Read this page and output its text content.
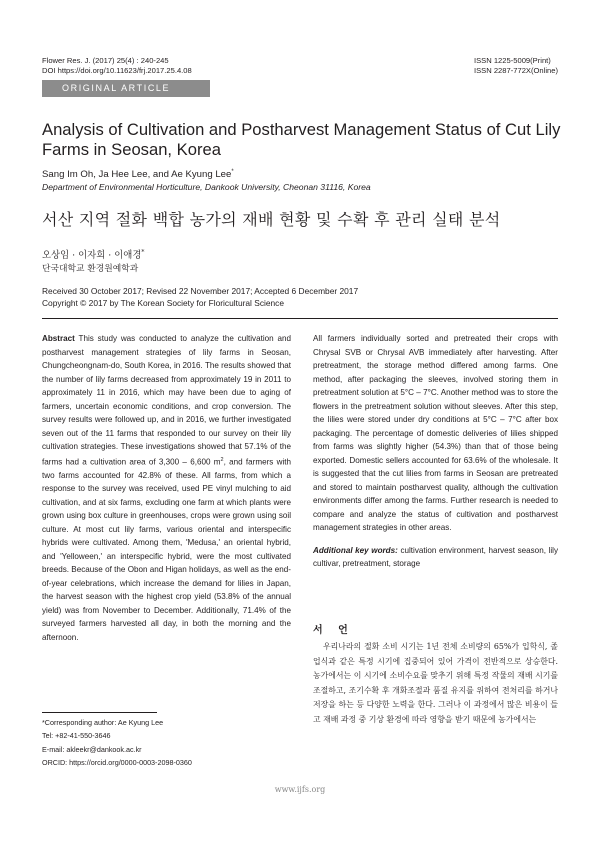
Flower Res. J. (2017) 25(4) : 240-245
DOI https://doi.org/10.11623/frj.2017.25.4.08
ISSN 1225-5009(Print)
ISSN 2287-772X(Online)
ORIGINAL ARTICLE
Analysis of Cultivation and Postharvest Management Status of Cut Lily Farms in Seosan, Korea
Sang Im Oh, Ja Hee Lee, and Ae Kyung Lee*
Department of Environmental Horticulture, Dankook University, Cheonan 31116, Korea
서산 지역 절화 백합 농가의 재배 현황 및 수확 후 관리 실태 분석
오상임 · 이자희 · 이애경*
단국대학교 환경원예학과
Received 30 October 2017; Revised 22 November 2017; Accepted 6 December 2017
Copyright © 2017 by The Korean Society for Floricultural Science

Abstract This study was conducted to analyze the cultivation and postharvest management strategies of lily farms in Seosan, Chungcheongnam-do, South Korea, in 2016. The results showed that the number of lily farms decreased from approximately 19 in 2011 to approximately 11 in 2016, which may have been due to aging of farmers, uncertain economic conditions, and crop conversion. The survey results were followed up, and in 2016, we further investigated seven out of the 11 farms that responded to our survey on their lily cultivation strategies. These investigations showed that 57.1% of the farms had a cultivation area of 3,300 – 6,600 $m^2$, and farmers with two farms accounted for 42.8% of these. All farms, from which a response to the survey was received, used PE vinyl mulching to aid cultivation, and at six farms, excluding one farm at which plants were grown using box culture in greenhouses, crops were grown using soil culture. At most cut lily farms, various oriental and interspecific hybrids were cultivated. Among them, 'Medusa,' an oriental hybrid, and 'Yelloween,' an interspecific hybrid, were the most cultivated breeds. Because of the Obon and Higan holidays, as well as the end-of-year celebrations, which increase the demand for lilies in Japan, the harvest season with the highest crop yield (53.8% of the annual yield) was from November to December. Additionally, 71.4% of the surveyed farmers harvested all day, in both the morning and the afternoon.

All farmers individually sorted and pretreated their crops with Chrysal SVB or Chrysal AVB immediately after harvesting. After pretreatment, the storage method differed among farms. One method, after packaging the sleeves, involved storing them in pretreatment solution at 5°C – 7°C. Another method was to store the flowers in the pretreatment solution without sleeves. After this step, the lilies were stored under dry conditions at 5°C – 7°C after box packaging. The percentage of domestic deliveries of lilies shipped from farms was slightly higher (54.3%) than that of those being exported. Domestic sellers accounted for 63.6% of the wholesale. It is suggested that the cut lilies from farms in Seosan are pretreated and stored to maintain postharvest quality, although the cultivation environments differ among the farms. Further research is needed to compare and analyze the status of cultivation and postharvest management strategies in other areas.

Additional key words: cultivation environment, harvest season, lily cultivar, pretreatment, storage

서 언

우리나라의 절화 소비 시기는 1년 전체 소비량의 65%가 입학식, 졸업식과 같은 특정 시기에 집중되어 있어 가격이 전반적으로 상승한다. 농가에서는 이 시기에 소비수요를 맞추기 위해 특정 작물의 재배 시기를 조절하고, 조기수확 후 개화조절과 품질 유지를 위하여 전처리를 하거나 저장을 하는 등 다양한 노력을 한다. 그러나 이 과정에서 많은 비용이 들고 재배 과정 중 기상 환경에 따라 영향을 받기 때문에 농가에서는

*Corresponding author: Ae Kyung Lee
Tel: +82-41-550-3646
E-mail: akleekr@dankook.ac.kr
ORCID: https://orcid.org/0000-0003-2098-0360
www.ijfs.org
